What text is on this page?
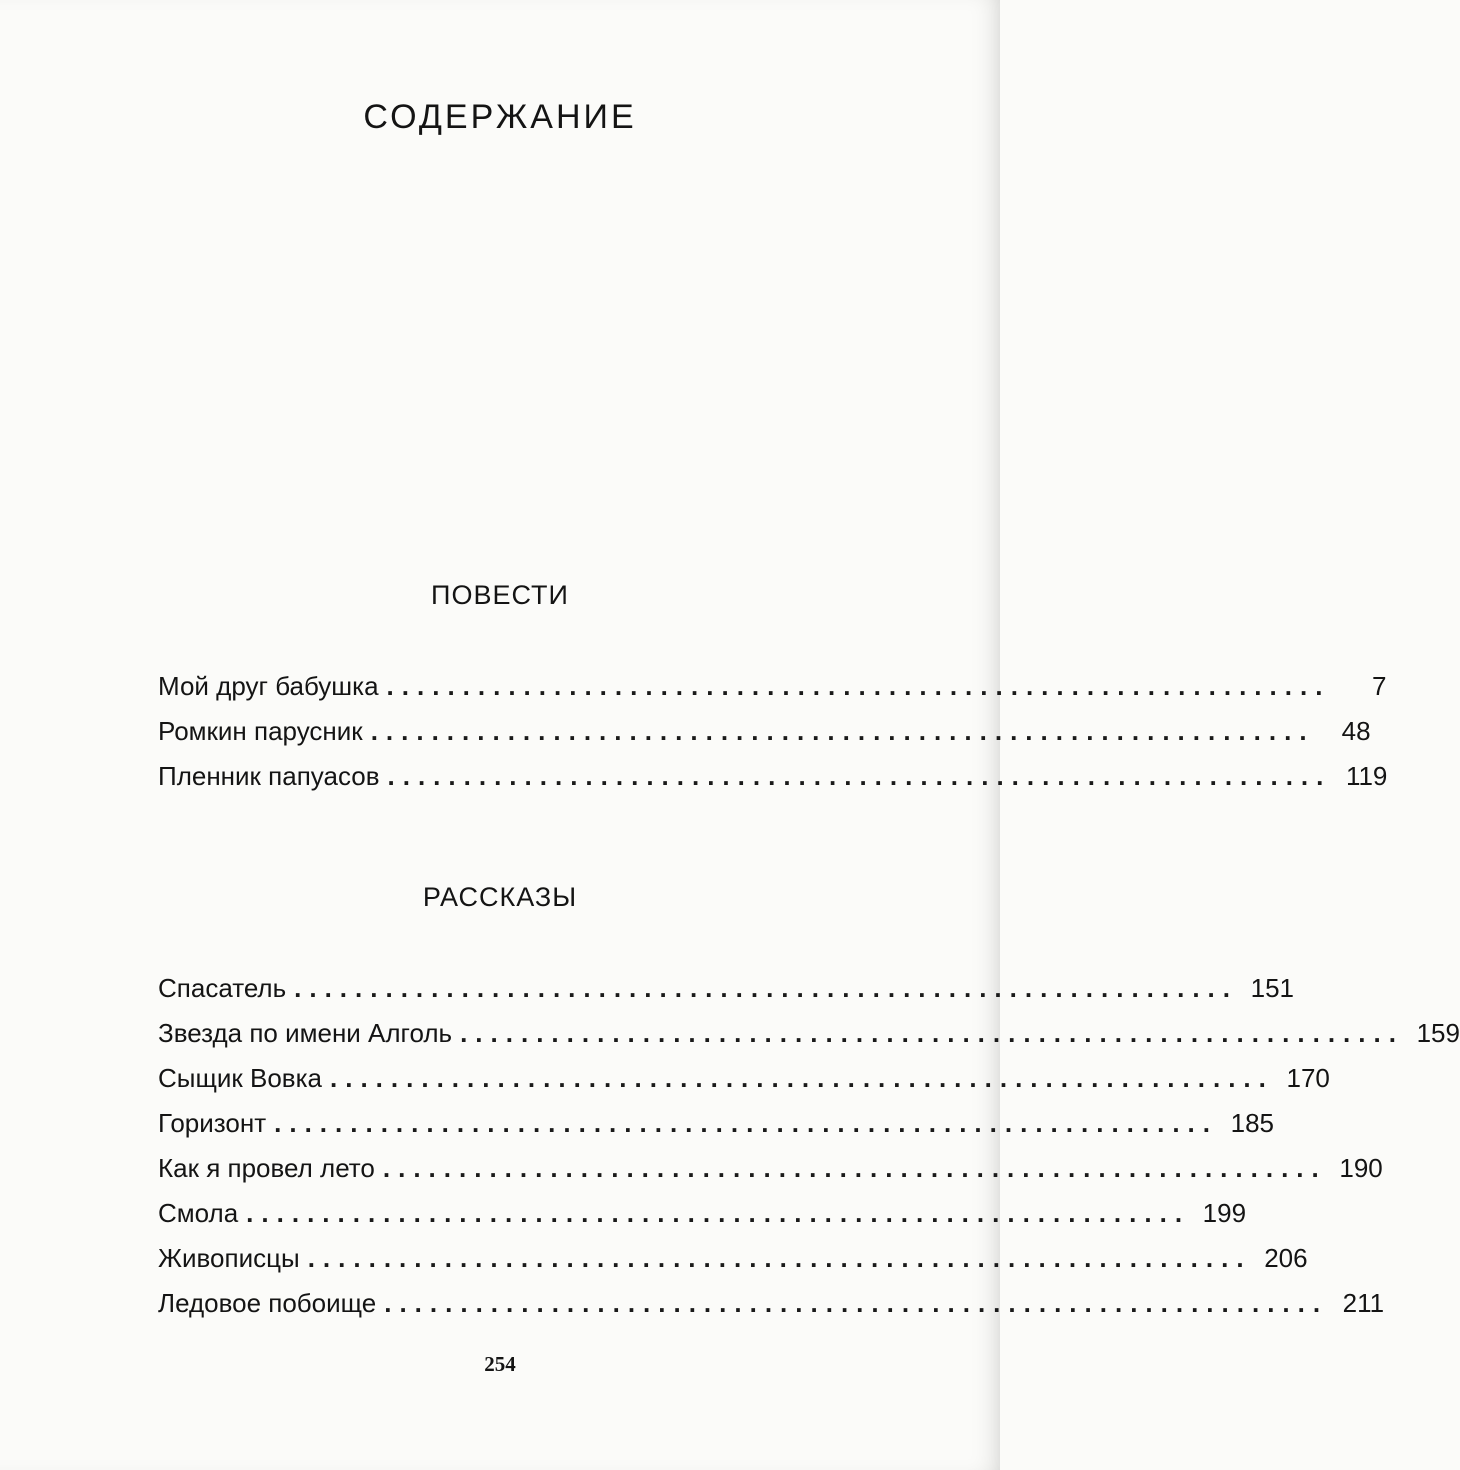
СОДЕРЖАНИЕ
ПОВЕСТИ
Мой друг бабушка ..............................................................	7
Ромкин парусник ..............................................................	48
Пленник папуасов .............................................................. 119
РАССКАЗЫ
Спасатель .............................................................. 151
Звезда по имени Алголь .............................................................. 159
Сыщик Вовка .............................................................. 170
Горизонт .............................................................. 185
Как я провел лето .............................................................. 190
Смола .............................................................. 199
Живописцы .............................................................. 206
Ледовое побоище .............................................................. 211
254
